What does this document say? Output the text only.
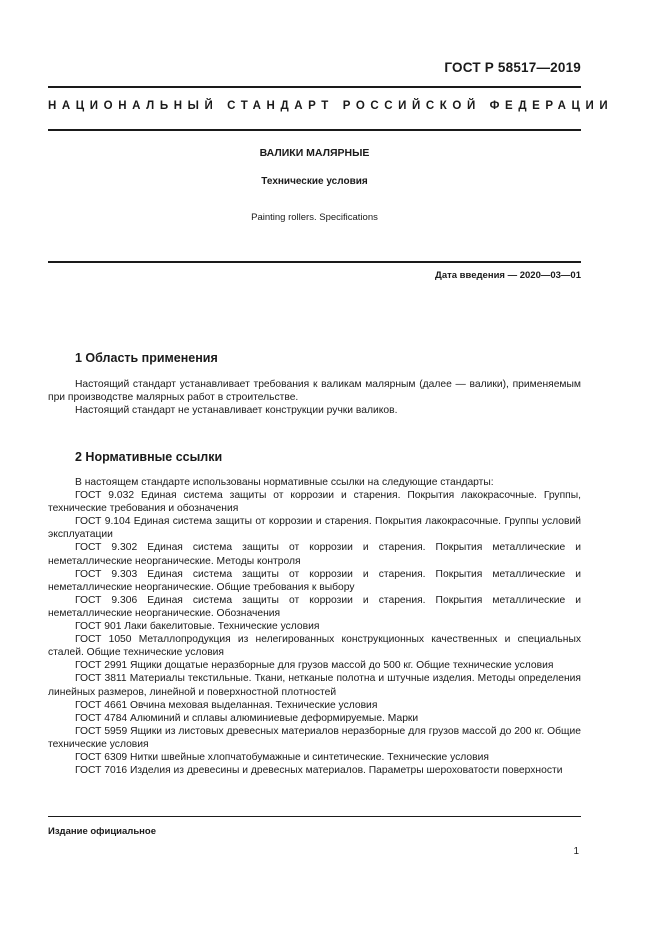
ГОСТ Р 58517—2019
НАЦИОНАЛЬНЫЙ СТАНДАРТ РОССИЙСКОЙ ФЕДЕРАЦИИ
ВАЛИКИ МАЛЯРНЫЕ
Технические условия
Painting rollers. Specifications
Дата введения — 2020—03—01
1 Область применения

Настоящий стандарт устанавливает требования к валикам малярным (далее — валики), применяемым при производстве малярных работ в строительстве.

Настоящий стандарт не устанавливает конструкции ручки валиков.

2 Нормативные ссылки

В настоящем стандарте использованы нормативные ссылки на следующие стандарты:

ГОСТ 9.032 Единая система защиты от коррозии и старения. Покрытия лакокрасочные. Группы, технические требования и обозначения

ГОСТ 9.104 Единая система защиты от коррозии и старения. Покрытия лакокрасочные. Группы условий эксплуатации

ГОСТ 9.302 Единая система защиты от коррозии и старения. Покрытия металлические и неметаллические неорганические. Методы контроля

ГОСТ 9.303 Единая система защиты от коррозии и старения. Покрытия металлические и неметаллические неорганические. Общие требования к выбору

ГОСТ 9.306 Единая система защиты от коррозии и старения. Покрытия металлические и неметаллические неорганические. Обозначения

ГОСТ 901 Лаки бакелитовые. Технические условия

ГОСТ 1050 Металлопродукция из нелегированных конструкционных качественных и специальных сталей. Общие технические условия

ГОСТ 2991 Ящики дощатые неразборные для грузов массой до 500 кг. Общие технические условия

ГОСТ 3811 Материалы текстильные. Ткани, нетканые полотна и штучные изделия. Методы определения линейных размеров, линейной и поверхностной плотностей

ГОСТ 4661 Овчина меховая выделанная. Технические условия

ГОСТ 4784 Алюминий и сплавы алюминиевые деформируемые. Марки

ГОСТ 5959 Ящики из листовых древесных материалов неразборные для грузов массой до 200 кг. Общие технические условия

ГОСТ 6309 Нитки швейные хлопчатобумажные и синтетические. Технические условия

ГОСТ 7016 Изделия из древесины и древесных материалов. Параметры шероховатости поверхности

Издание официальное
1
